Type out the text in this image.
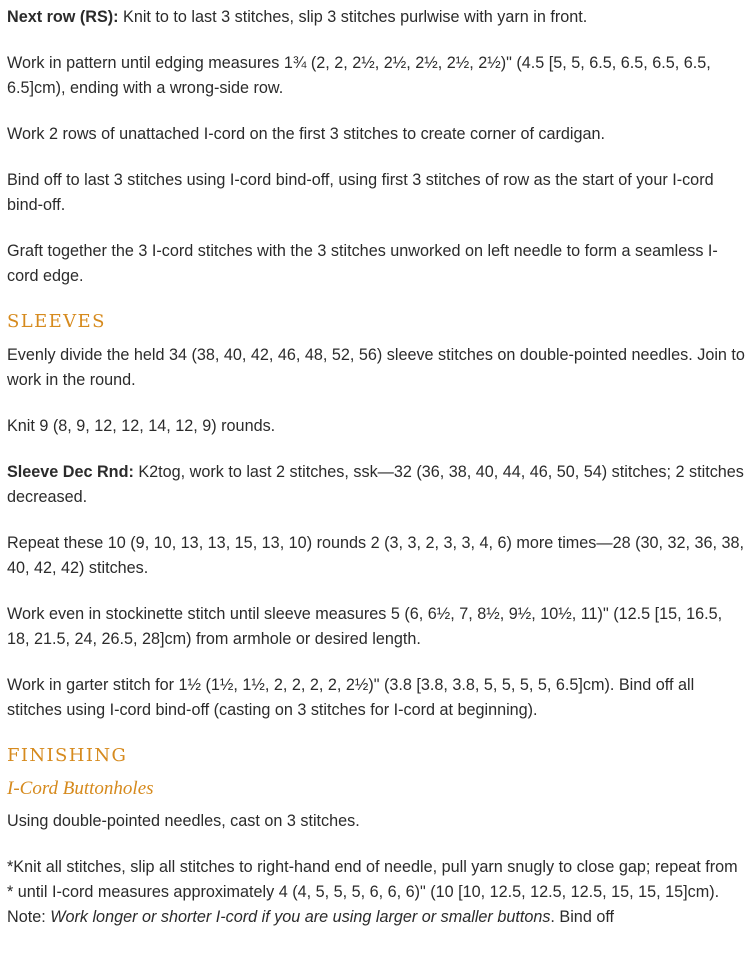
Next row (RS): Knit to to last 3 stitches, slip 3 stitches purlwise with yarn in front.

Work in pattern until edging measures 1¾ (2, 2, 2½, 2½, 2½, 2½, 2½)" (4.5 [5, 5, 6.5, 6.5, 6.5, 6.5, 6.5]cm), ending with a wrong-side row.

Work 2 rows of unattached I-cord on the first 3 stitches to create corner of cardigan.

Bind off to last 3 stitches using I-cord bind-off, using first 3 stitches of row as the start of your I-cord bind-off.

Graft together the 3 I-cord stitches with the 3 stitches unworked on left needle to form a seamless I-cord edge.

SLEEVES

Evenly divide the held 34 (38, 40, 42, 46, 48, 52, 56) sleeve stitches on double-pointed needles. Join to work in the round.

Knit 9 (8, 9, 12, 12, 14, 12, 9) rounds.

Sleeve Dec Rnd: K2tog, work to last 2 stitches, ssk—32 (36, 38, 40, 44, 46, 50, 54) stitches; 2 stitches decreased.

Repeat these 10 (9, 10, 13, 13, 15, 13, 10) rounds 2 (3, 3, 2, 3, 3, 4, 6) more times—28 (30, 32, 36, 38, 40, 42, 42) stitches.

Work even in stockinette stitch until sleeve measures 5 (6, 6½, 7, 8½, 9½, 10½, 11)" (12.5 [15, 16.5, 18, 21.5, 24, 26.5, 28]cm) from armhole or desired length.

Work in garter stitch for 1½ (1½, 1½, 2, 2, 2, 2, 2½)" (3.8 [3.8, 3.8, 5, 5, 5, 5, 6.5]cm). Bind off all stitches using I-cord bind-off (casting on 3 stitches for I-cord at beginning).

FINISHING
I-Cord Buttonholes

Using double-pointed needles, cast on 3 stitches.

*Knit all stitches, slip all stitches to right-hand end of needle, pull yarn snugly to close gap; repeat from * until I-cord measures approximately 4 (4, 5, 5, 5, 6, 6, 6)" (10 [10, 12.5, 12.5, 12.5, 15, 15, 15]cm). Note: Work longer or shorter I-cord if you are using larger or smaller buttons. Bind off
